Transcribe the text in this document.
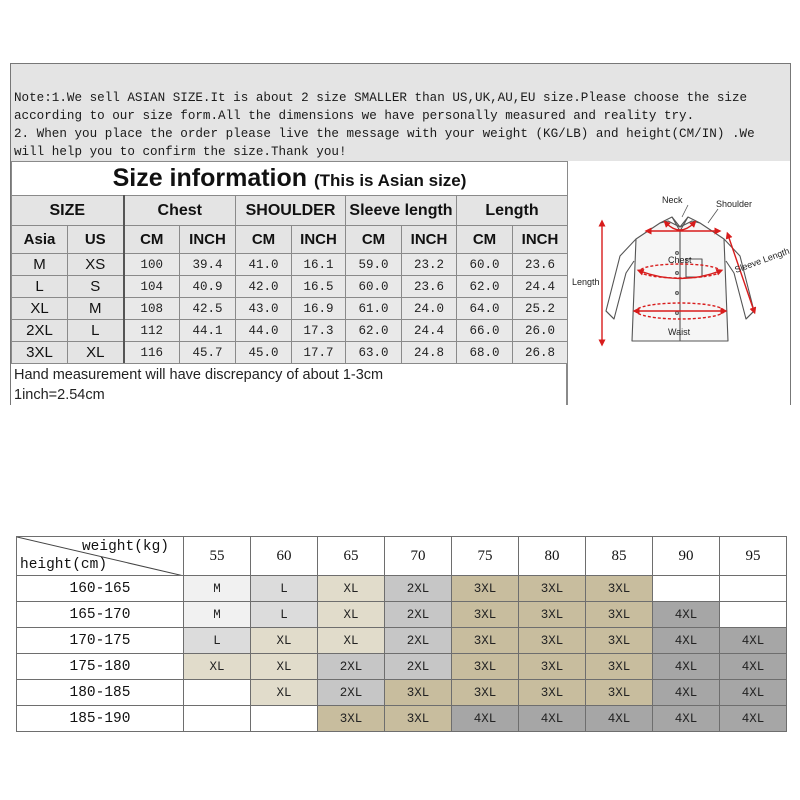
Note:1.We sell ASIAN SIZE.It is about 2 size SMALLER than US,UK,AU,EU size.Please choose the size
according to our size form.All the dimensions we have personally measured and reality try.
2. When you place the order please live the message with your weight (KG/LB) and height(CM/IN) .We
will help you to confirm the size.Thank you!
Size information (This is Asian size)									
SIZE		Chest		SHOULDER		Sleeve length		Length	
Asia	US	CM	INCH	CM	INCH	CM	INCH	CM	INCH
M	XS	100	39.4	41.0	16.1	59.0	23.2	60.0	23.6
L	S	104	40.9	42.0	16.5	60.0	23.6	62.0	24.4
XL	M	108	42.5	43.0	16.9	61.0	24.0	64.0	25.2
2XL	L	112	44.1	44.0	17.3	62.0	24.4	66.0	26.0
3XL	XL	116	45.7	45.0	17.7	63.0	24.8	68.0	26.8
Hand measurement will have discrepancy of about 1-3cm
1inch=2.54cm
Neck	Shoulder
Sleeve Length
Chest
Length
Waist
weight(kg)
height(cm)	55	60	65	70	75	80	85	90	95
160-165	M	L	XL	2XL	3XL	3XL	3XL		
165-170	M	L	XL	2XL	3XL	3XL	3XL	4XL	
170-175	L	XL	XL	2XL	3XL	3XL	3XL	4XL	4XL
175-180	XL	XL	2XL	2XL	3XL	3XL	3XL	4XL	4XL
180-185		XL	2XL	3XL	3XL	3XL	3XL	4XL	4XL
185-190			3XL	3XL	4XL	4XL	4XL	4XL	4XL
